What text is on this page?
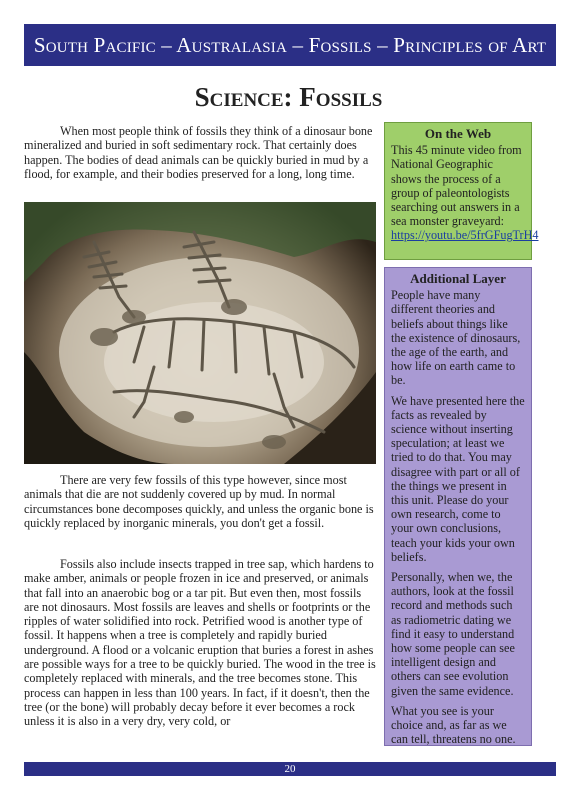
South Pacific – Australasia – Fossils – Principles of Art
Science: Fossils

When most people think of fossils they think of a dinosaur bone mineralized and buried in soft sedimentary rock. That certainly does happen. The bodies of dead animals can be quickly buried in mud by a flood, for example, and their bodies preserved for a long, long time.

There are very few fossils of this type however, since most animals that die are not suddenly covered up by mud. In normal circumstances bone decomposes quickly, and unless the organic bone is quickly replaced by inorganic minerals, you don't get a fossil.

Fossils also include insects trapped in tree sap, which hardens to make amber, animals or people frozen in ice and preserved, or animals that fall into an anaerobic bog or a tar pit. But even then, most fossils are not dinosaurs. Most fossils are leaves and shells or footprints or the ripples of water solidified into rock. Petrified wood is another type of fossil. It happens when a tree is completely and rapidly buried underground. A flood or a volcanic eruption that buries a forest in ashes are possible ways for a tree to be quickly buried. The wood in the tree is completely replaced with minerals, and the tree becomes stone. This process can happen in less than 100 years. In fact, if it doesn't, then the tree (or the bone) will probably decay before it ever becomes a rock unless it is also in a very dry, very cold, or

On the Web
This 45 minute video from National Geographic shows the process of a group of paleontologists searching out answers in a sea monster graveyard: https://youtu.be/5frGFugTrH4
Additional Layer

People have many different theories and beliefs about things like the existence of dinosaurs, the age of the earth, and how life on earth came to be.

We have presented here the facts as revealed by science without inserting speculation; at least we tried to do that. You may disagree with part or all of the things we present in this unit. Please do your own research, come to your own conclusions, teach your kids your own beliefs.

Personally, when we, the authors, look at the fossil record and methods such as radiometric dating we find it easy to understand how some people can see intelligent design and others can see evolution given the same evidence.

What you see is your choice and, as far as we can tell, threatens no one.

20
